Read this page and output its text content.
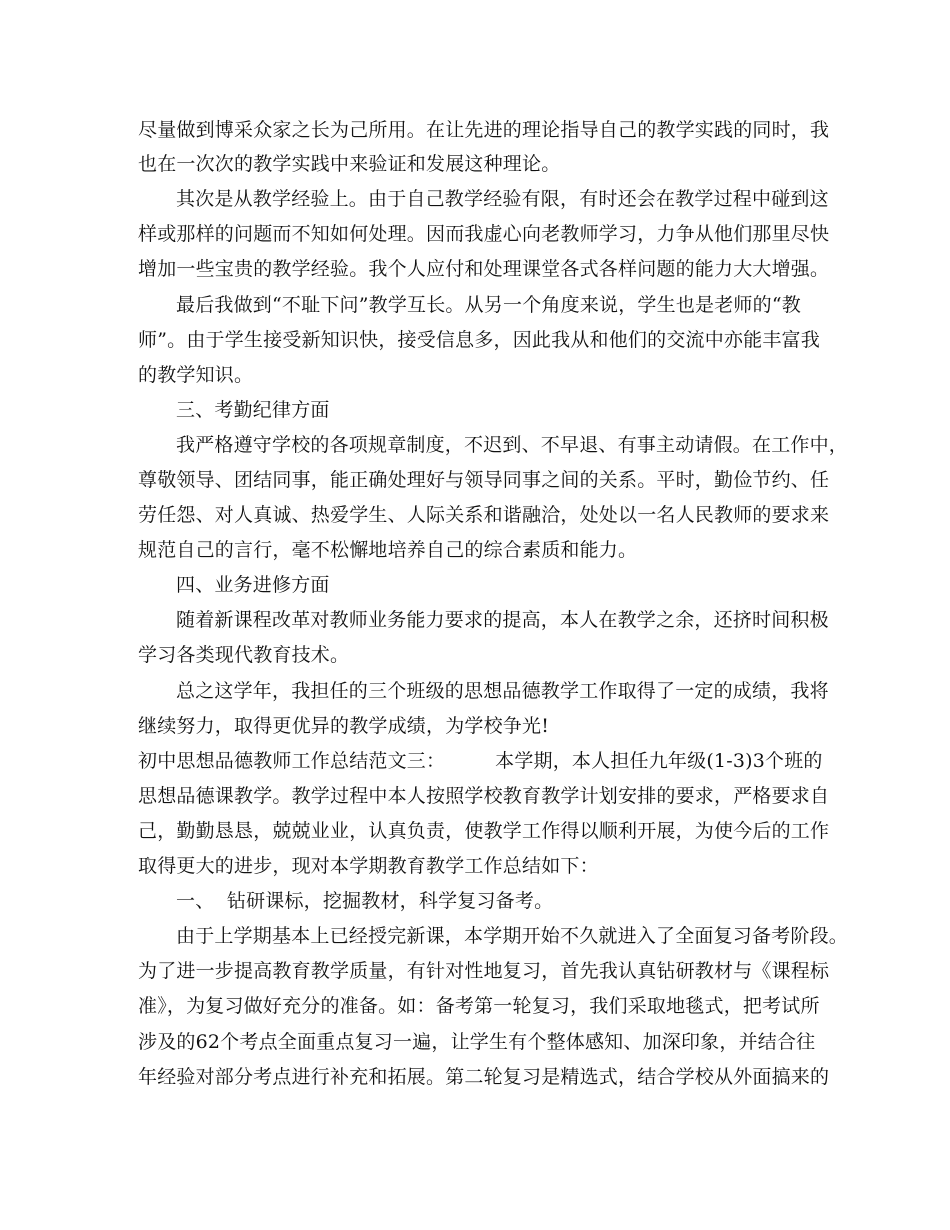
尽量做到博采众家之长为己所用。在让先进的理论指导自己的教学实践的同时，我
也在一次次的教学实践中来验证和发展这种理论。
其次是从教学经验上。由于自己教学经验有限，有时还会在教学过程中碰到这
样或那样的问题而不知如何处理。因而我虚心向老教师学习，力争从他们那里尽快
增加一些宝贵的教学经验。我个人应付和处理课堂各式各样问题的能力大大增强。
最后我做到“不耻下问”教学互长。从另一个角度来说，学生也是老师的“教
师”。由于学生接受新知识快，接受信息多，因此我从和他们的交流中亦能丰富我
的教学知识。
三、考勤纪律方面
我严格遵守学校的各项规章制度，不迟到、不早退、有事主动请假。在工作中，
尊敬领导、团结同事，能正确处理好与领导同事之间的关系。平时，勤俭节约、任
劳任怨、对人真诚、热爱学生、人际关系和谐融洽，处处以一名人民教师的要求来
规范自己的言行，毫不松懈地培养自己的综合素质和能力。
四、业务进修方面
随着新课程改革对教师业务能力要求的提高，本人在教学之余，还挤时间积极
学习各类现代教育技术。
总之这学年，我担任的三个班级的思想品德教学工作取得了一定的成绩，我将
继续努力，取得更优异的教学成绩，为学校争光!
初中思想品德教师工作总结范文三：        本学期，本人担任九年级(1-3)3个班的
思想品德课教学。教学过程中本人按照学校教育教学计划安排的要求，严格要求自
己，勤勤恳恳，兢兢业业，认真负责，使教学工作得以顺利开展，为使今后的工作
取得更大的进步，现对本学期教育教学工作总结如下：
一、  钻研课标，挖掘教材，科学复习备考。
由于上学期基本上已经授完新课，本学期开始不久就进入了全面复习备考阶段。
为了进一步提高教育教学质量，有针对性地复习，首先我认真钻研教材与《课程标
准》，为复习做好充分的准备。如：备考第一轮复习，我们采取地毯式，把考试所
涉及的62个考点全面重点复习一遍，让学生有个整体感知、加深印象，并结合往
年经验对部分考点进行补充和拓展。第二轮复习是精选式，结合学校从外面搞来的
